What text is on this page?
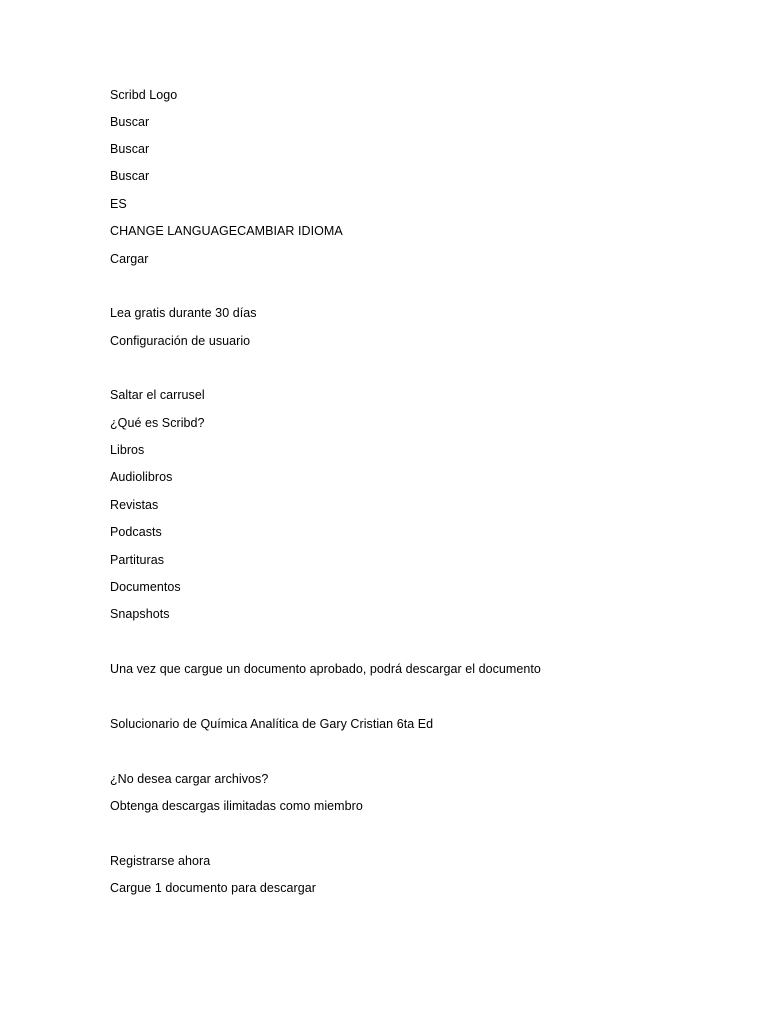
Scribd Logo
Buscar
Buscar
Buscar
ES
CHANGE LANGUAGECAMBIAR IDIOMA
Cargar
Lea gratis durante 30 días
Configuración de usuario
Saltar el carrusel
¿Qué es Scribd?
Libros
Audiolibros
Revistas
Podcasts
Partituras
Documentos
Snapshots
Una vez que cargue un documento aprobado, podrá descargar el documento
Solucionario de Química Analítica de Gary Cristian 6ta Ed
¿No desea cargar archivos?
Obtenga descargas ilimitadas como miembro
Registrarse ahora
Cargue 1 documento para descargar
